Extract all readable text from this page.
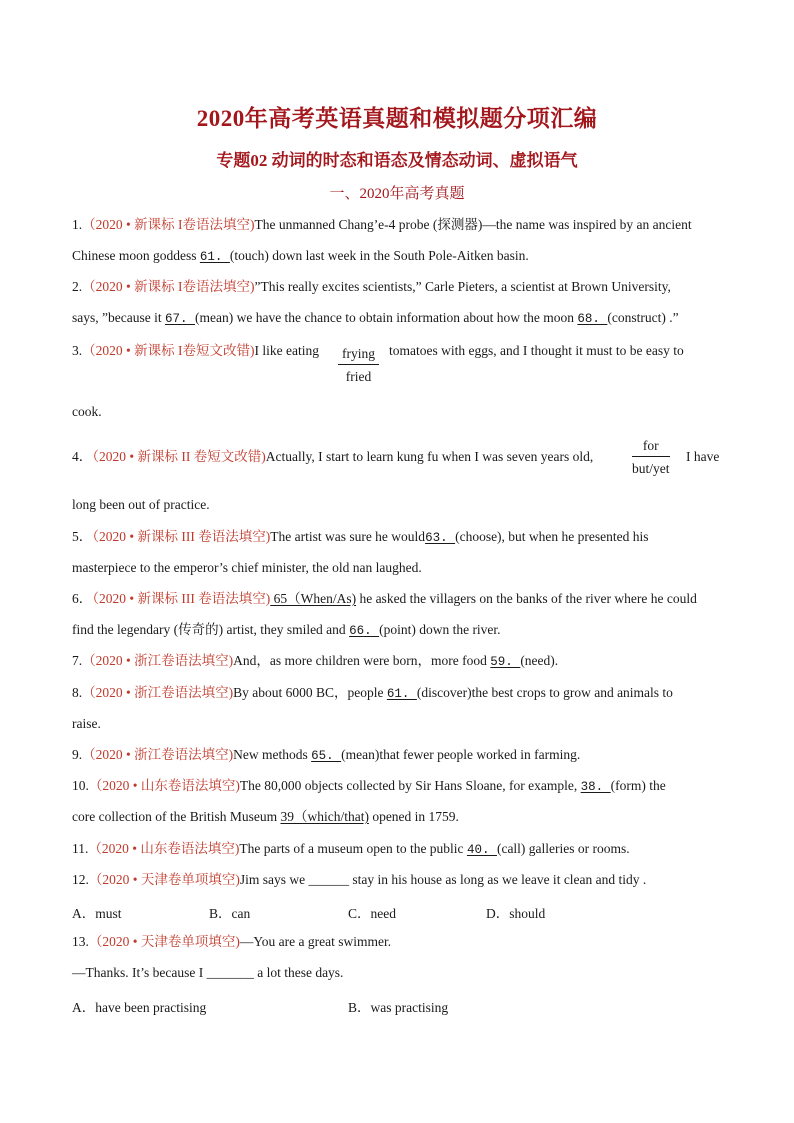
2020年高考英语真题和模拟题分项汇编
专题02 动词的时态和语态及情态动词、虚拟语气
一、2020年高考真题
1.（2020 • 新课标 I卷语法填空)The unmanned Chang’e-4 probe (探测器)—the name was inspired by an ancient
Chinese moon goddess 61. (touch) down last week in the South Pole-Aitken basin.
2.（2020 • 新课标 I卷语法填空)”This really excites scientists,” Carle Pieters, a scientist at Brown University,
says, ”because it 67. (mean) we have the chance to obtain information about how the moon 68. (construct) .”
3.（2020 • 新课标 I卷短文改错)I like eating frying
fried
tomatoes with eggs, and I thought it must to be easy to
cook.
4．（2020 • 新课标 II 卷短文改错)Actually, I start to learn kung fu when I was seven years old,
for
but/yet
I have
long been out of practice.
5．（2020 • 新课标 III 卷语法填空)The artist was sure he would63. (choose), but when he presented his
masterpiece to the emperor’s chief minister, the old nan laughed.
6．（2020 • 新课标 III 卷语法填空) 65（When/As) he asked the villagers on the banks of the river where he could
find the legendary (传奇的) artist, they smiled and 66. (point) down the river.
7.（2020 • 浙江卷语法填空)And，as more children were born，more food 59. (need).
8.（2020 • 浙江卷语法填空)By about 6000 BC，people 61. (discover)the best crops to grow and animals to
raise.
9.（2020 • 浙江卷语法填空)New methods 65. (mean)that fewer people worked in farming.
10.（2020 • 山东卷语法填空)The 80,000 objects collected by Sir Hans Sloane, for example, 38. (form) the
core collection of the British Museum 39（which/that) opened in 1759.
11.（2020 • 山东卷语法填空)The parts of a museum open to the public 40. (call) galleries or rooms.
12.（2020 • 天津卷单项填空)Jim says we ______ stay in his house as long as we leave it clean and tidy .
A．must	B．can	C．need	D．should
13.（2020 • 天津卷单项填空)—You are a great swimmer.
—Thanks. It’s because I _______ a lot these days.
A．have been practising	B．was practising
